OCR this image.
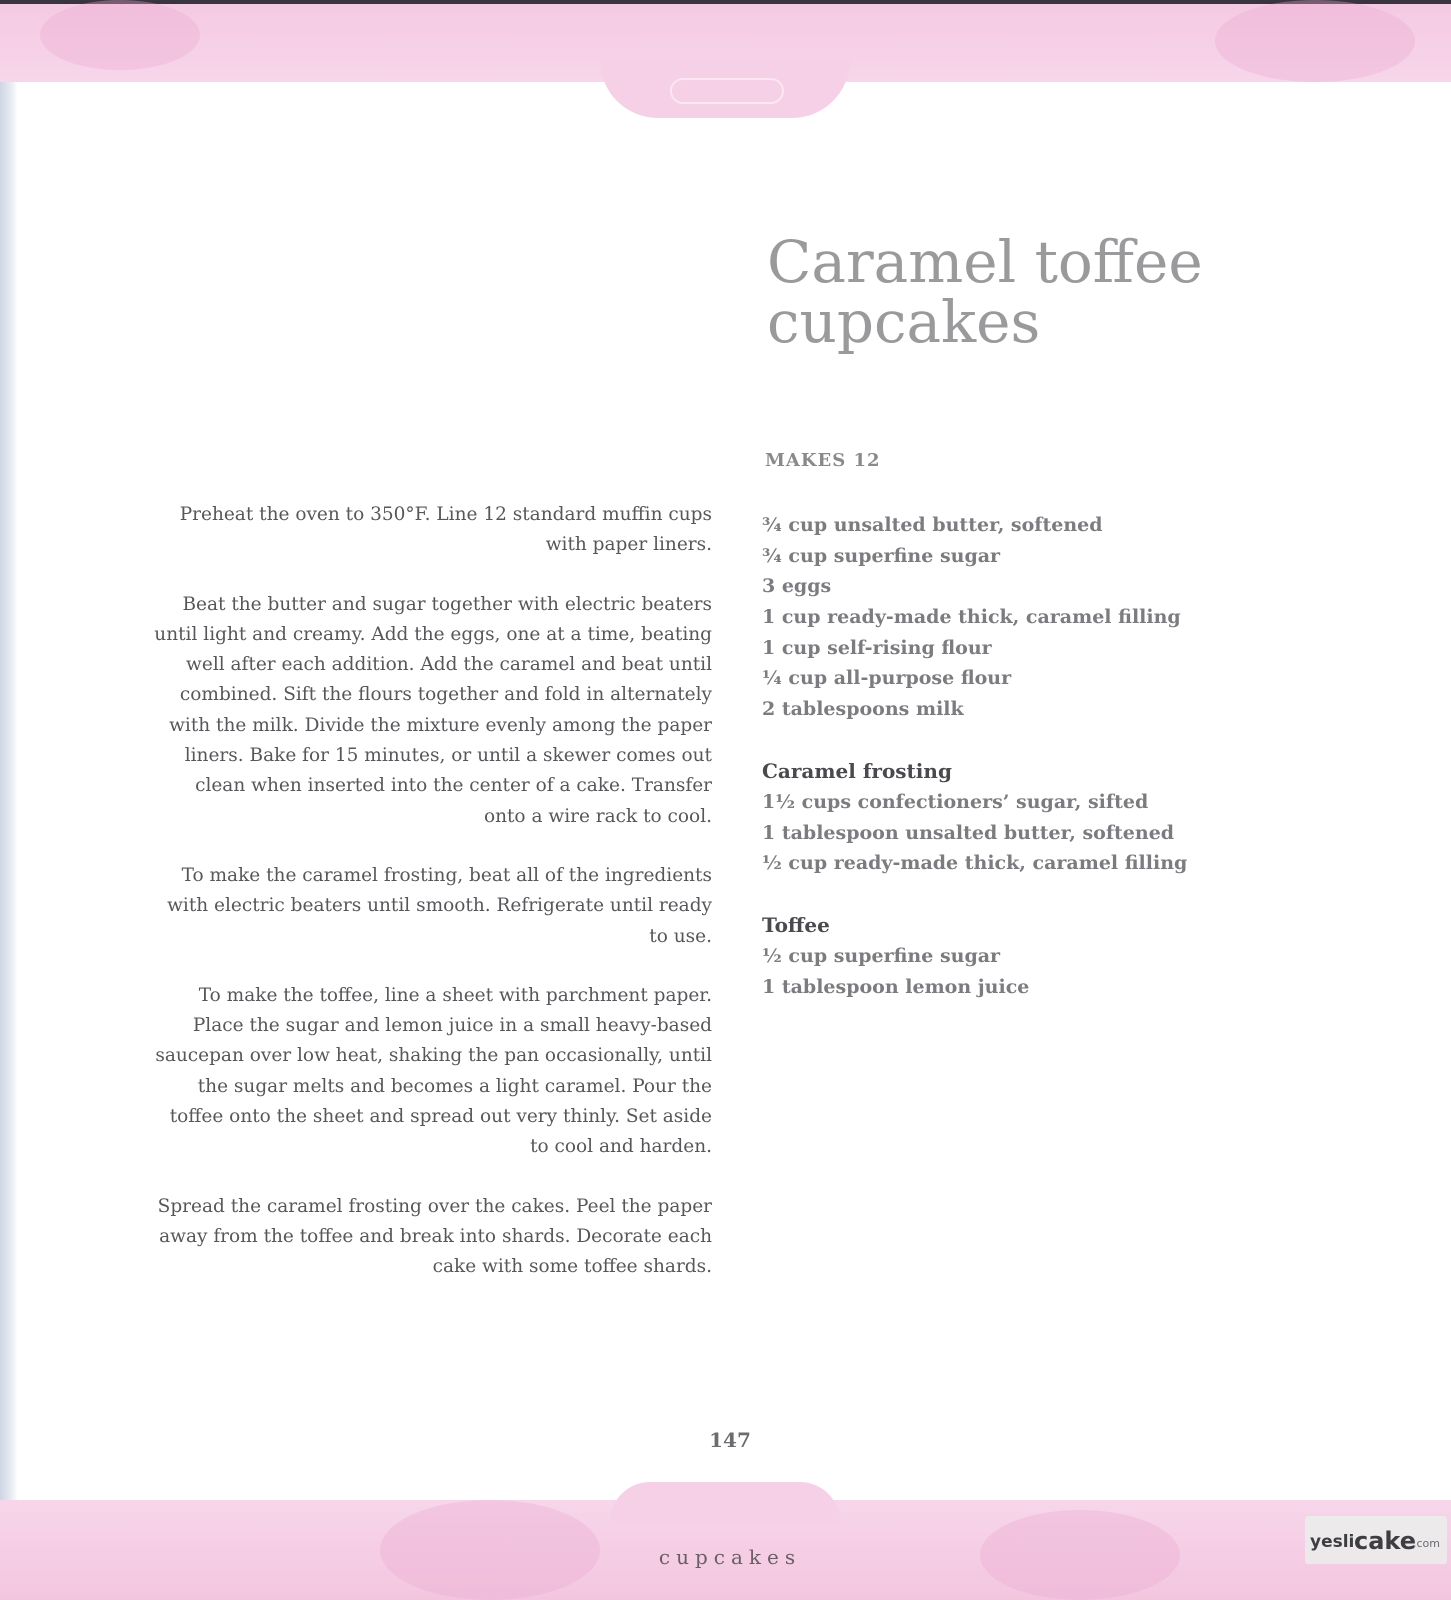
Caramel toffee
cupcakes
MAKES 12
¾ cup unsalted butter, softened
¾ cup superfine sugar
3 eggs
1 cup ready-made thick, caramel filling
1 cup self-rising flour
¼ cup all-purpose flour
2 tablespoons milk
Caramel frosting
1½ cups confectioners’ sugar, sifted
1 tablespoon unsalted butter, softened
½ cup ready-made thick, caramel filling
Toffee
½ cup superfine sugar
1 tablespoon lemon juice

Preheat the oven to 350°F. Line 12 standard muffin cups with paper liners.

Beat the butter and sugar together with electric beaters until light and creamy. Add the eggs, one at a time, beating well after each addition. Add the caramel and beat until combined. Sift the flours together and fold in alternately with the milk. Divide the mixture evenly among the paper liners. Bake for 15 minutes, or until a skewer comes out clean when inserted into the center of a cake. Transfer onto a wire rack to cool.

To make the caramel frosting, beat all of the ingredients with electric beaters until smooth. Refrigerate until ready to use.

To make the toffee, line a sheet with parchment paper. Place the sugar and lemon juice in a small heavy-based saucepan over low heat, shaking the pan occasionally, until the sugar melts and becomes a light caramel. Pour the toffee onto the sheet and spread out very thinly. Set aside to cool and harden.

Spread the caramel frosting over the cakes. Peel the paper away from the toffee and break into shards. Decorate each cake with some toffee shards.

147
cupcakes
yesli cake
.com
